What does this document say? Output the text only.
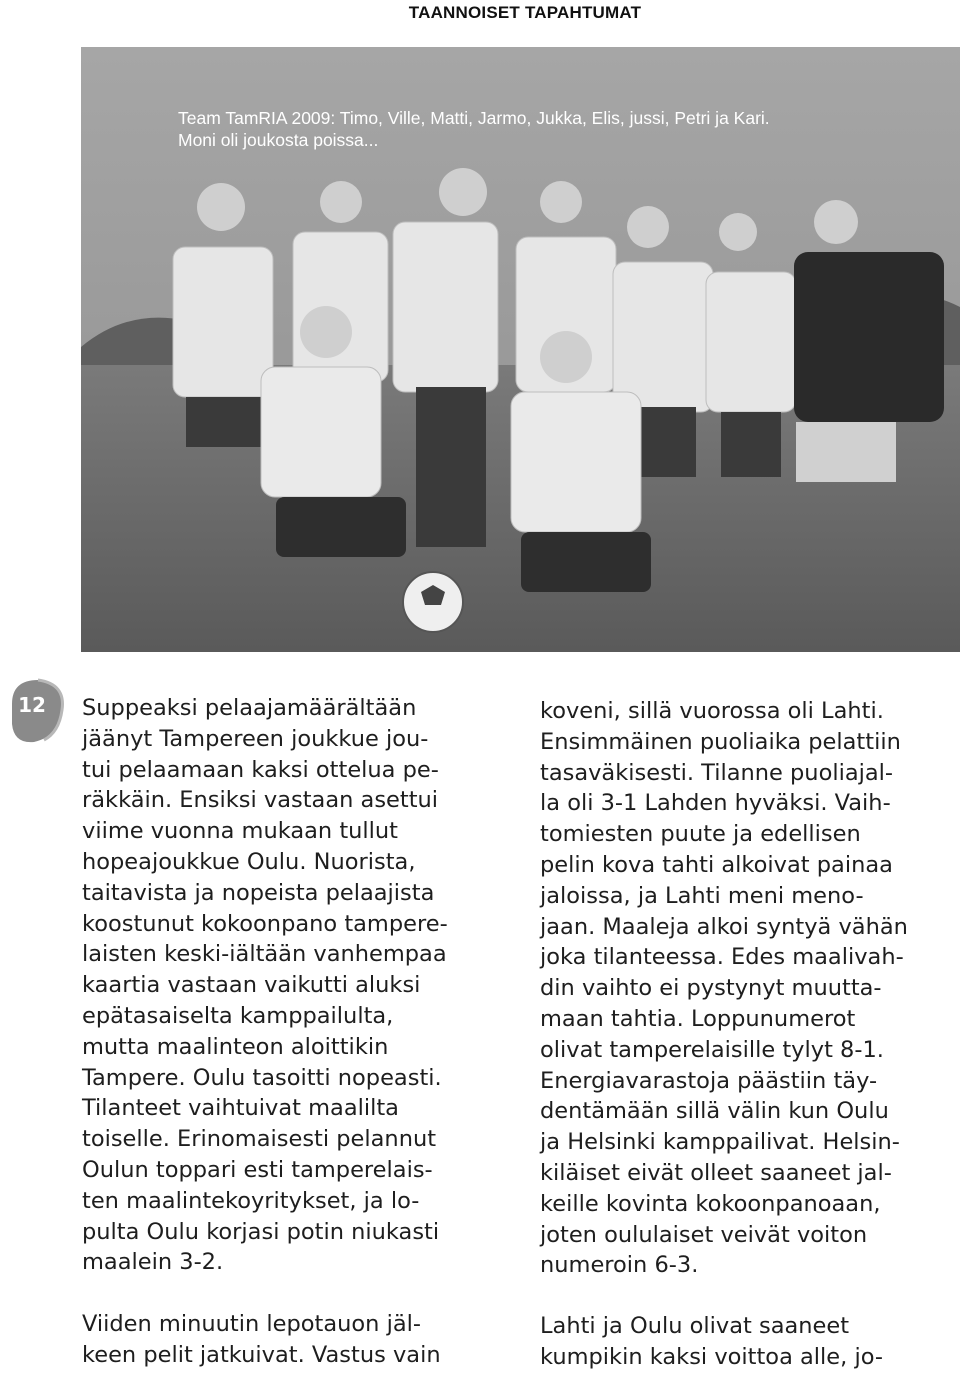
TAANNOISET TAPAHTUMAT

Team TamRIA 2009: Timo, Ville, Matti, Jarmo, Jukka, Elis, jussi, Petri ja Kari.
Moni oli joukosta poissa...

12	Suppeaksi pelaajamäärältään
jäänyt Tampereen joukkue jou-
tui pelaamaan kaksi ottelua pe-
räkkäin. Ensiksi vastaan asettui
viime vuonna mukaan tullut
hopeajoukkue Oulu. Nuorista,
taitavista ja nopeista pelaajista
koostunut kokoonpano tampere-
laisten keski-iältään vanhempaa
kaartia vastaan vaikutti aluksi
epätasaiselta kamppailulta,
mutta maalinteon aloittikin
Tampere. Oulu tasoitti nopeasti.
Tilanteet vaihtuivat maalilta
toiselle. Erinomaisesti pelannut
Oulun toppari esti tamperelais-
ten maalintekoyritykset, ja lo-
pulta Oulu korjasi potin niukasti
maalein 3-2.

Viiden minuutin lepotauon jäl-
keen pelit jatkuivat. Vastus vain

koveni, sillä vuorossa oli Lahti.
Ensimmäinen puoliaika pelattiin
tasaväkisesti. Tilanne puoliajal-
la oli 3-1 Lahden hyväksi. Vaih-
tomiesten puute ja edellisen
pelin kova tahti alkoivat painaa
jaloissa, ja Lahti meni meno-
jaan. Maaleja alkoi syntyä vähän
joka tilanteessa. Edes maalivah-
din vaihto ei pystynyt muutta-
maan tahtia. Loppunumerot
olivat tamperelaisille tylyt 8-1.
Energiavarastoja päästiin täy-
dentämään sillä välin kun Oulu
ja Helsinki kamppailivat. Helsin-
kiläiset eivät olleet saaneet jal-
keille kovinta kokoonpanoaan,
joten oululaiset veivät voiton
numeroin 6-3.

Lahti ja Oulu olivat saaneet
kumpikin kaksi voittoa alle, jo-
